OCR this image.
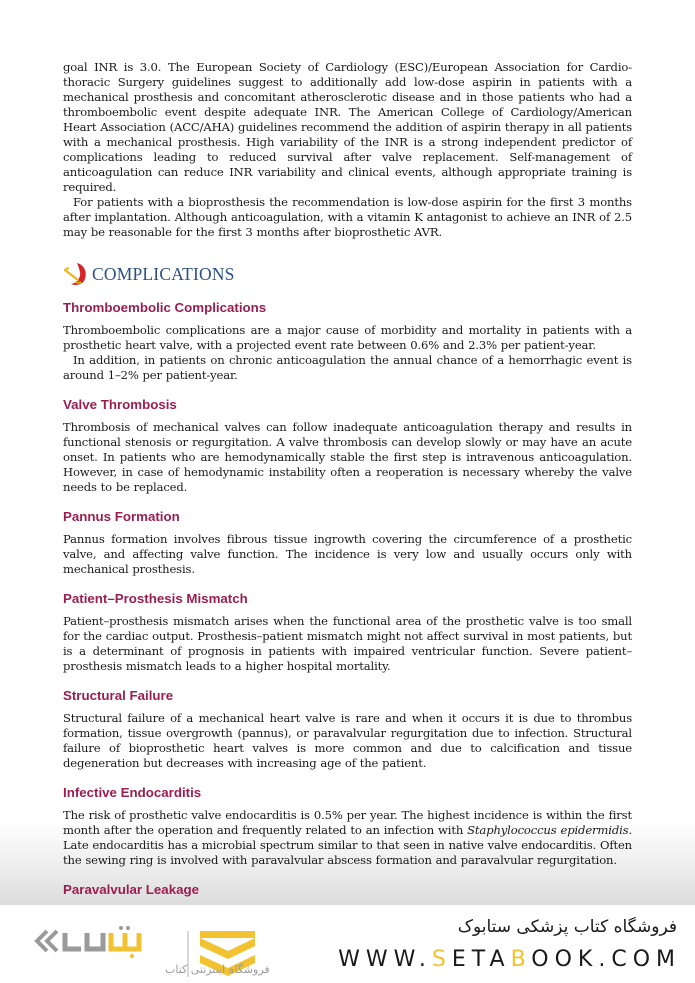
goal INR is 3.0. The European Society of Cardiology (ESC)/European Association for Cardio-thoracic Surgery guidelines suggest to additionally add low-dose aspirin in patients with a mechanical prosthesis and concomitant atherosclerotic disease and in those patients who had a thromboembolic event despite adequate INR. The American College of Cardiology/American Heart Association (ACC/AHA) guidelines recommend the addition of aspirin therapy in all patients with a mechanical prosthesis. High variability of the INR is a strong independent predictor of complications leading to reduced survival after valve replacement. Self-management of anticoagulation can reduce INR variability and clinical events, although appropriate training is required.

For patients with a bioprosthesis the recommendation is low-dose aspirin for the first 3 months after implantation. Although anticoagulation, with a vitamin K antagonist to achieve an INR of 2.5 may be reasonable for the first 3 months after bioprosthetic AVR.

COMPLICATIONS
Thromboembolic Complications

Thromboembolic complications are a major cause of morbidity and mortality in patients with a prosthetic heart valve, with a projected event rate between 0.6% and 2.3% per patient-year.

In addition, in patients on chronic anticoagulation the annual chance of a hemorrhagic event is around 1–2% per patient-year.

Valve Thrombosis

Thrombosis of mechanical valves can follow inadequate anticoagulation therapy and results in functional stenosis or regurgitation. A valve thrombosis can develop slowly or may have an acute onset. In patients who are hemodynamically stable the first step is intravenous anticoagulation. However, in case of hemodynamic instability often a reoperation is necessary whereby the valve needs to be replaced.

Pannus Formation

Pannus formation involves fibrous tissue ingrowth covering the circumference of a prosthetic valve, and affecting valve function. The incidence is very low and usually occurs only with mechanical prosthesis.

Patient–Prosthesis Mismatch

Patient–prosthesis mismatch arises when the functional area of the prosthetic valve is too small for the cardiac output. Prosthesis–patient mismatch might not affect survival in most patients, but is a determinant of prognosis in patients with impaired ventricular function. Severe patient–prosthesis mismatch leads to a higher hospital mortality.

Structural Failure

Structural failure of a mechanical heart valve is rare and when it occurs it is due to thrombus formation, tissue overgrowth (pannus), or paravalvular regurgitation due to infection. Structural failure of bioprosthetic heart valves is more common and due to calcification and tissue degeneration but decreases with increasing age of the patient.

Infective Endocarditis

The risk of prosthetic valve endocarditis is 0.5% per year. The highest incidence is within the first month after the operation and frequently related to an infection with Staphylococcus epidermidis. Late endocarditis has a microbial spectrum similar to that seen in native valve endocarditis. Often the sewing ring is involved with paravalvular abscess formation and paravalvular regurgitation.

Paravalvular Leakage
فروشگاه اینترنتی کتاب
فروشگاه کتاب پزشکی ستابوک
WWW.SETABOOK.COM
